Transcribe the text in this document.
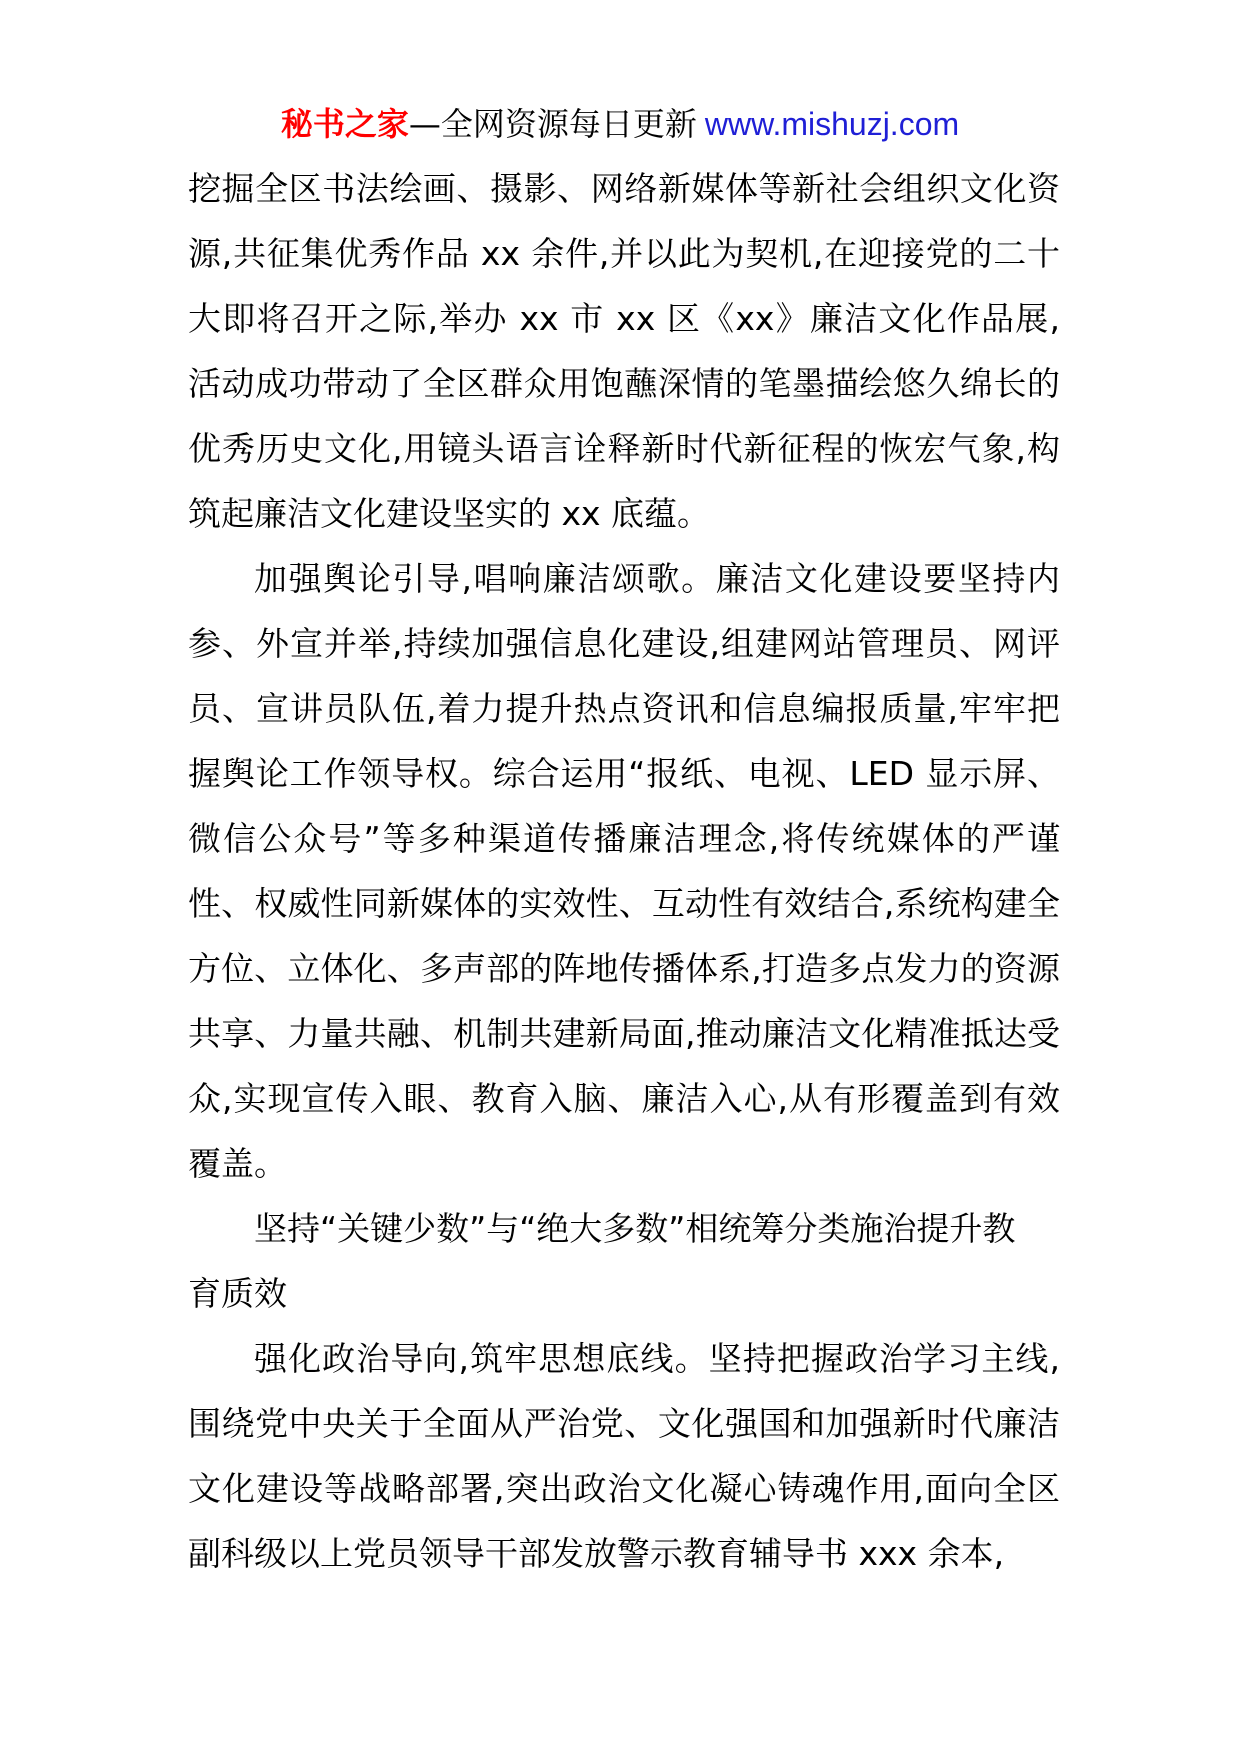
秘书之家—全网资源每日更新 www.mishuzj.com

挖掘全区书法绘画、摄影、网络新媒体等新社会组织文化资源,共征集优秀作品 xx 余件,并以此为契机,在迎接党的二十大即将召开之际,举办 xx 市 xx 区《xx》廉洁文化作品展,活动成功带动了全区群众用饱蘸深情的笔墨描绘悠久绵长的优秀历史文化,用镜头语言诠释新时代新征程的恢宏气象,构筑起廉洁文化建设坚实的 xx 底蕴。

加强舆论引导,唱响廉洁颂歌。廉洁文化建设要坚持内参、外宣并举,持续加强信息化建设,组建网站管理员、网评员、宣讲员队伍,着力提升热点资讯和信息编报质量,牢牢把握舆论工作领导权。综合运用“报纸、电视、LED 显示屏、微信公众号”等多种渠道传播廉洁理念,将传统媒体的严谨性、权威性同新媒体的实效性、互动性有效结合,系统构建全方位、立体化、多声部的阵地传播体系,打造多点发力的资源共享、力量共融、机制共建新局面,推动廉洁文化精准抵达受众,实现宣传入眼、教育入脑、廉洁入心,从有形覆盖到有效覆盖。

坚持“关键少数”与“绝大多数”相统筹分类施治提升教育质效

强化政治导向,筑牢思想底线。坚持把握政治学习主线,围绕党中央关于全面从严治党、文化强国和加强新时代廉洁文化建设等战略部署,突出政治文化凝心铸魂作用,面向全区副科级以上党员领导干部发放警示教育辅导书 xxx 余本,
